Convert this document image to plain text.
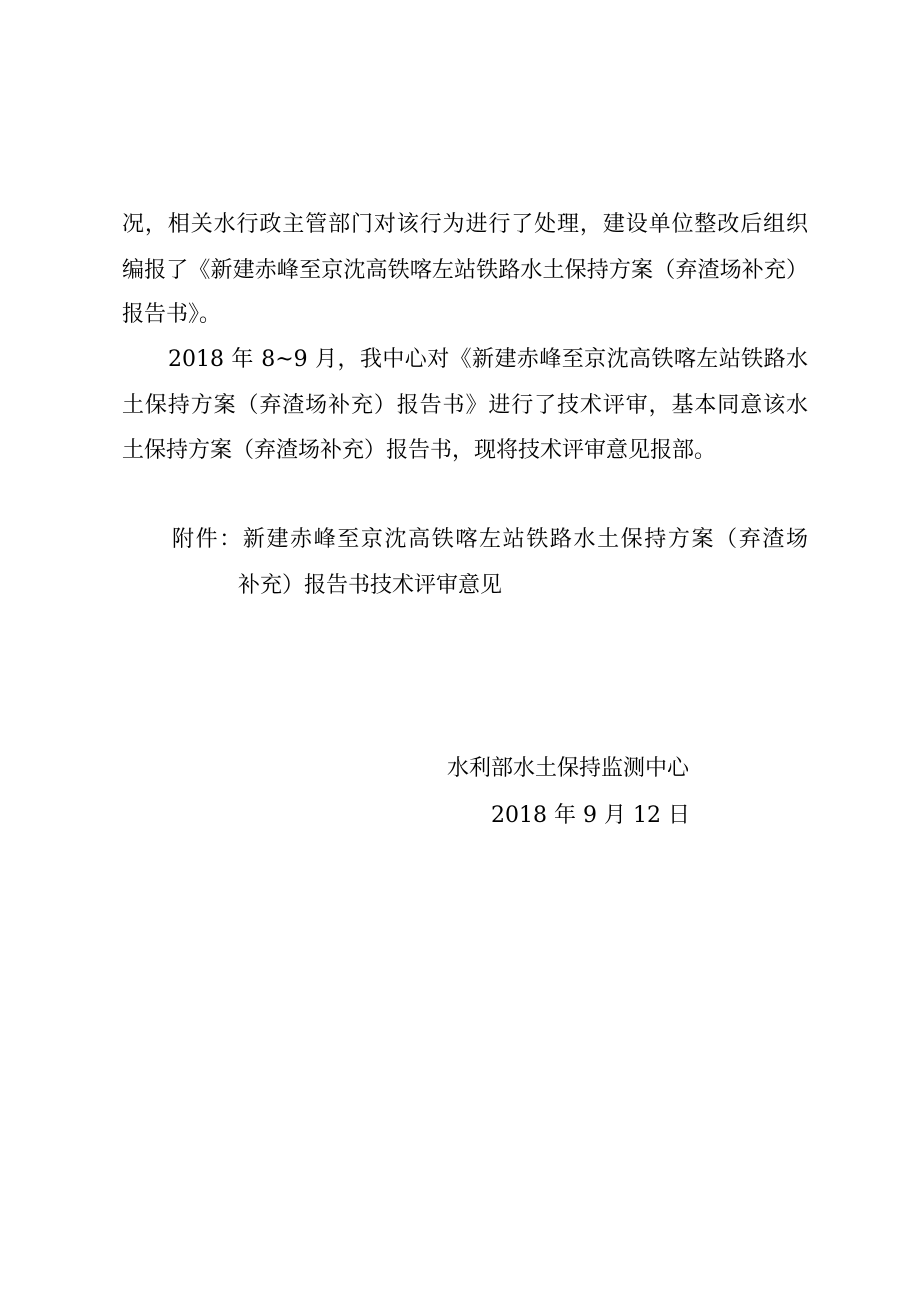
况，相关水行政主管部门对该行为进行了处理，建设单位整改后组织

编报了《新建赤峰至京沈高铁喀左站铁路水土保持方案（弃渣场补充）

报告书》。

2018 年 8~9 月，我中心对《新建赤峰至京沈高铁喀左站铁路水

土保持方案（弃渣场补充）报告书》进行了技术评审，基本同意该水

土保持方案（弃渣场补充）报告书，现将技术评审意见报部。

附件：新建赤峰至京沈高铁喀左站铁路水土保持方案（弃渣场

补充）报告书技术评审意见

水利部水土保持监测中心

2018 年 9 月 12 日
